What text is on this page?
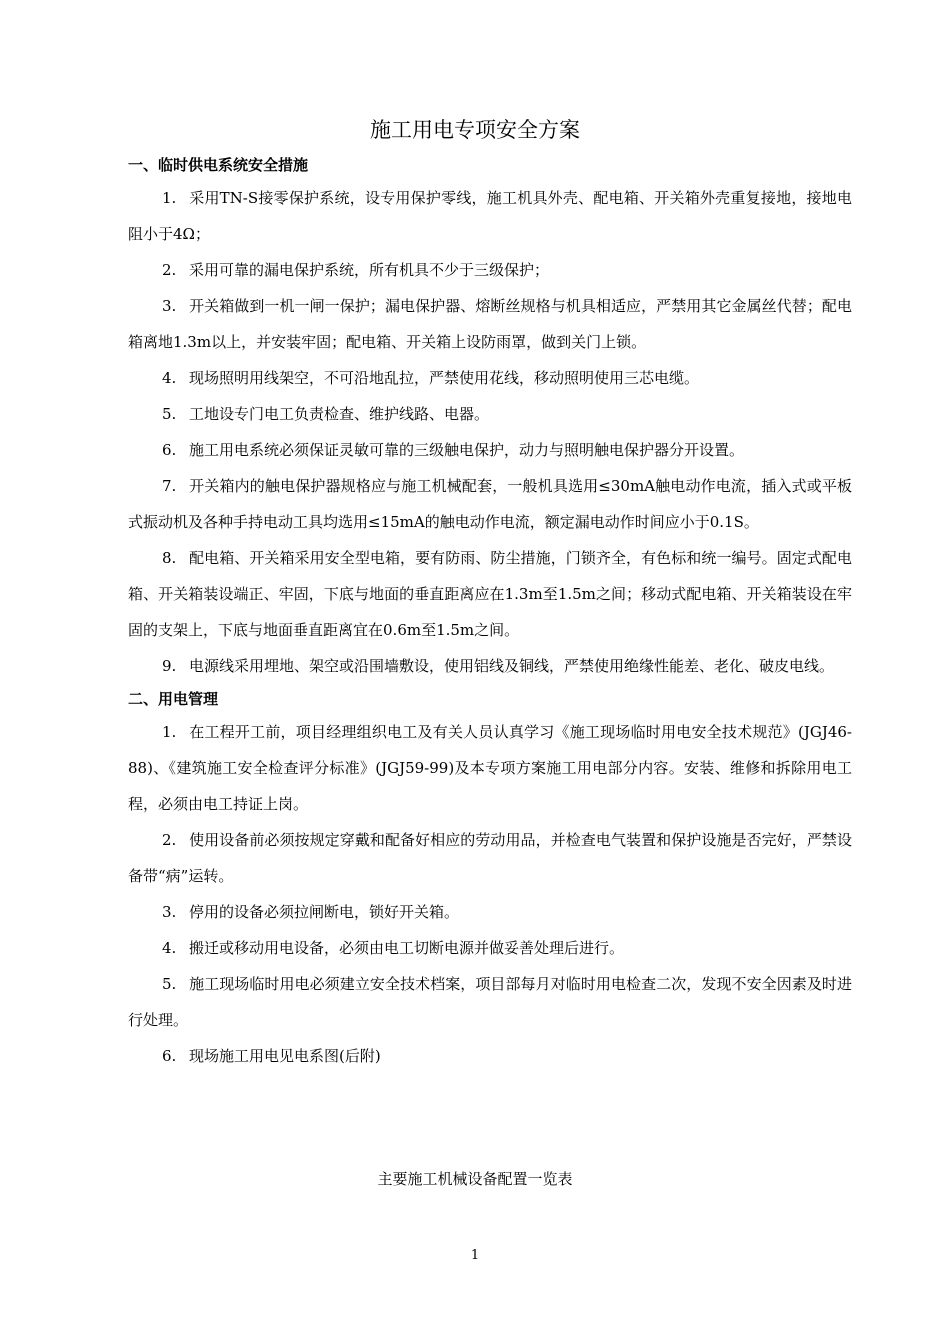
施工用电专项安全方案

一、临时供电系统安全措施

1. 采用TN-S接零保护系统，设专用保护零线，施工机具外壳、配电箱、开关箱外壳重复接地，接地电阻小于4Ω；

2. 采用可靠的漏电保护系统，所有机具不少于三级保护；

3. 开关箱做到一机一闸一保护；漏电保护器、熔断丝规格与机具相适应，严禁用其它金属丝代替；配电箱离地1.3m以上，并安装牢固；配电箱、开关箱上设防雨罩，做到关门上锁。

4. 现场照明用线架空，不可沿地乱拉，严禁使用花线，移动照明使用三芯电缆。

5. 工地设专门电工负责检查、维护线路、电器。

6. 施工用电系统必须保证灵敏可靠的三级触电保护，动力与照明触电保护器分开设置。

7. 开关箱内的触电保护器规格应与施工机械配套，一般机具选用≤30mA触电动作电流，插入式或平板式振动机及各种手持电动工具均选用≤15mA的触电动作电流，额定漏电动作时间应小于0.1S。

8. 配电箱、开关箱采用安全型电箱，要有防雨、防尘措施，门锁齐全，有色标和统一编号。固定式配电箱、开关箱装设端正、牢固，下底与地面的垂直距离应在1.3m至1.5m之间；移动式配电箱、开关箱装设在牢固的支架上，下底与地面垂直距离宜在0.6m至1.5m之间。

9. 电源线采用埋地、架空或沿围墙敷设，使用铝线及铜线，严禁使用绝缘性能差、老化、破皮电线。

二、用电管理

1. 在工程开工前，项目经理组织电工及有关人员认真学习《施工现场临时用电安全技术规范》(JGJ46-88)、《建筑施工安全检查评分标准》(JGJ59-99)及本专项方案施工用电部分内容。安装、维修和拆除用电工程，必须由电工持证上岗。

2. 使用设备前必须按规定穿戴和配备好相应的劳动用品，并检查电气装置和保护设施是否完好，严禁设备带“病”运转。

3. 停用的设备必须拉闸断电，锁好开关箱。

4. 搬迁或移动用电设备，必须由电工切断电源并做妥善处理后进行。

5. 施工现场临时用电必须建立安全技术档案，项目部每月对临时用电检查二次，发现不安全因素及时进行处理。

6. 现场施工用电见电系图(后附)

主要施工机械设备配置一览表
1
